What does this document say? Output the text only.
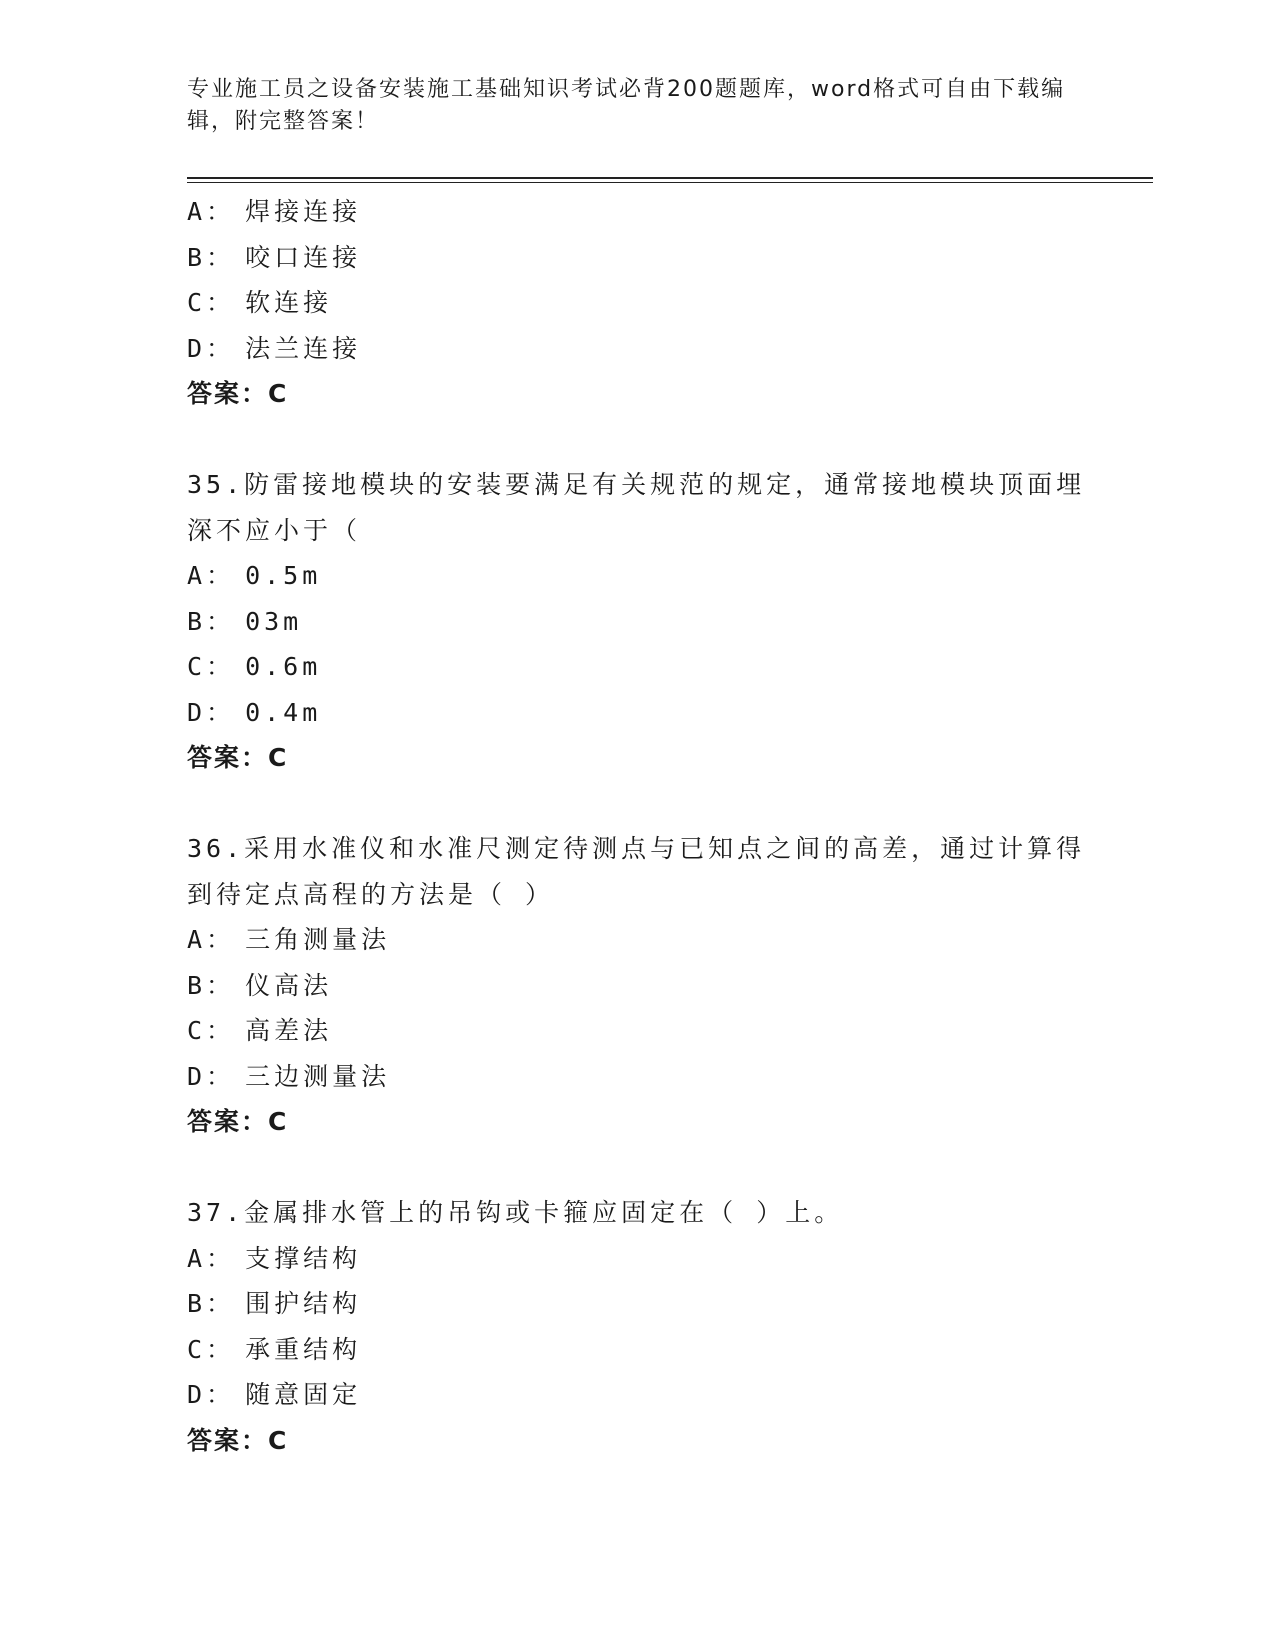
专业施工员之设备安装施工基础知识考试必背200题题库，word格式可自由下载编辑，附完整答案！
A： 焊接连接
B： 咬口连接
C： 软连接
D： 法兰连接
答案：C
35.防雷接地模块的安装要满足有关规范的规定，通常接地模块顶面埋深不应小于（
A： 0.5m
B： 03m
C： 0.6m
D： 0.4m
答案：C
36.采用水准仪和水准尺测定待测点与已知点之间的高差，通过计算得到待定点高程的方法是（ ）
A： 三角测量法
B： 仪高法
C： 高差法
D： 三边测量法
答案：C
37.金属排水管上的吊钩或卡箍应固定在（ ）上。
A： 支撑结构
B： 围护结构
C： 承重结构
D： 随意固定
答案：C
